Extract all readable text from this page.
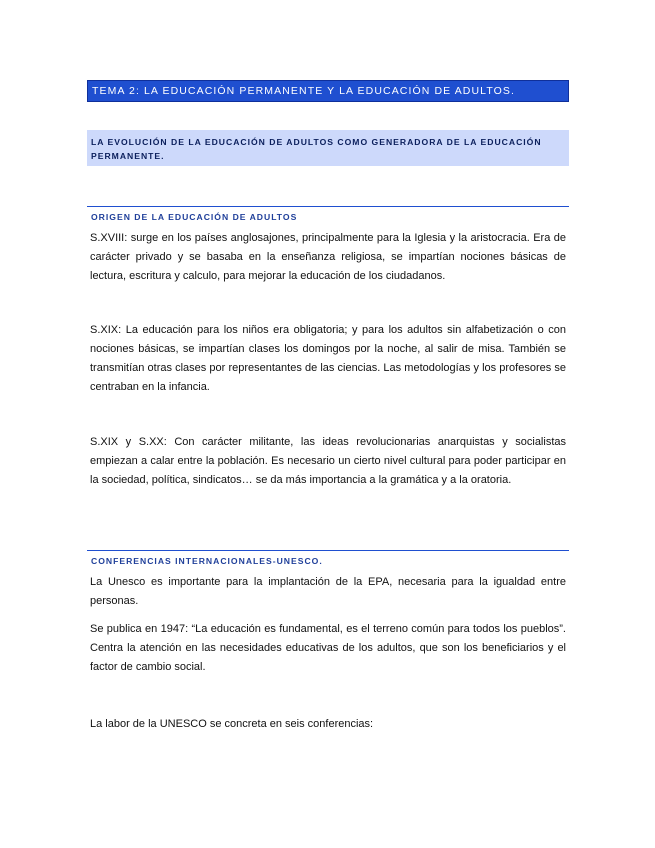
TEMA 2: LA EDUCACIÓN PERMANENTE Y LA EDUCACIÓN DE ADULTOS.
LA EVOLUCIÓN DE LA EDUCACIÓN DE ADULTOS COMO GENERADORA DE LA EDUCACIÓN PERMANENTE.
ORIGEN DE LA EDUCACIÓN DE ADULTOS
S.XVIII: surge en los países anglosajones, principalmente para la Iglesia y la aristocracia. Era de carácter privado y se basaba en la enseñanza religiosa, se impartían nociones básicas de lectura, escritura y calculo, para mejorar la educación de los ciudadanos.
S.XIX: La educación para los niños era obligatoria; y para los adultos sin alfabetización o con nociones básicas, se impartían clases los domingos por la noche, al salir de misa. También se transmitían otras clases por representantes de las ciencias. Las metodologías y los profesores se centraban en la infancia.
S.XIX y S.XX: Con carácter militante, las ideas revolucionarias anarquistas y socialistas empiezan a calar entre la población. Es necesario un cierto nivel cultural para poder participar en la sociedad, política, sindicatos… se da más importancia a la gramática y a la oratoria.
CONFERENCIAS INTERNACIONALES-UNESCO.
La Unesco es importante para la implantación de la EPA, necesaria para la igualdad entre personas.
Se publica en 1947: “La educación es fundamental, es el terreno común para todos los pueblos”. Centra la atención en las necesidades educativas de los adultos, que son los beneficiarios y el factor de cambio social.
La labor de la UNESCO se concreta en seis conferencias:
